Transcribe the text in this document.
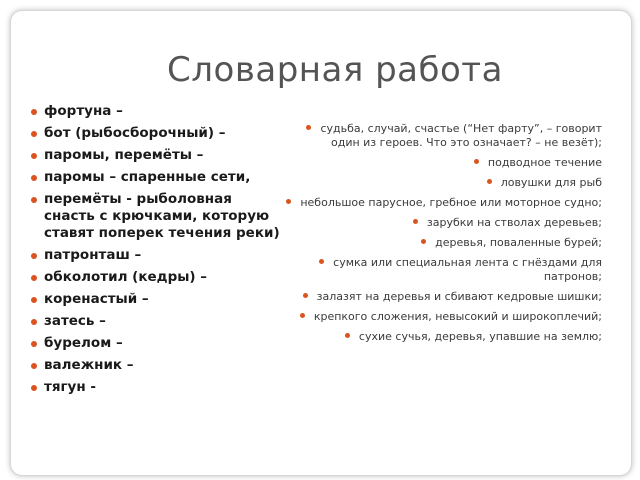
Словарная работа
фортуна –
бот (рыбосборочный) –
паромы, перемёты –
паромы – спаренные сети,
перемёты - рыболовная снасть с крючками, которую ставят поперек течения реки)
патронташ –
обколотил (кедры) –
коренастый –
затесь –
бурелом –
валежник –
тягун -
судьба, случай, счастье (“Нет фарту”, – говорит один из героев. Что это означает? – не везёт);
подводное течение
ловушки для рыб
небольшое парусное, гребное или моторное судно;
зарубки на стволах деревьев;
деревья, поваленные бурей;
сумка или специальная лента с гнёздами для патронов;
залазят на деревья и сбивают кедровые шишки;
крепкого сложения, невысокий и широкоплечий;
сухие сучья, деревья, упавшие на землю;
